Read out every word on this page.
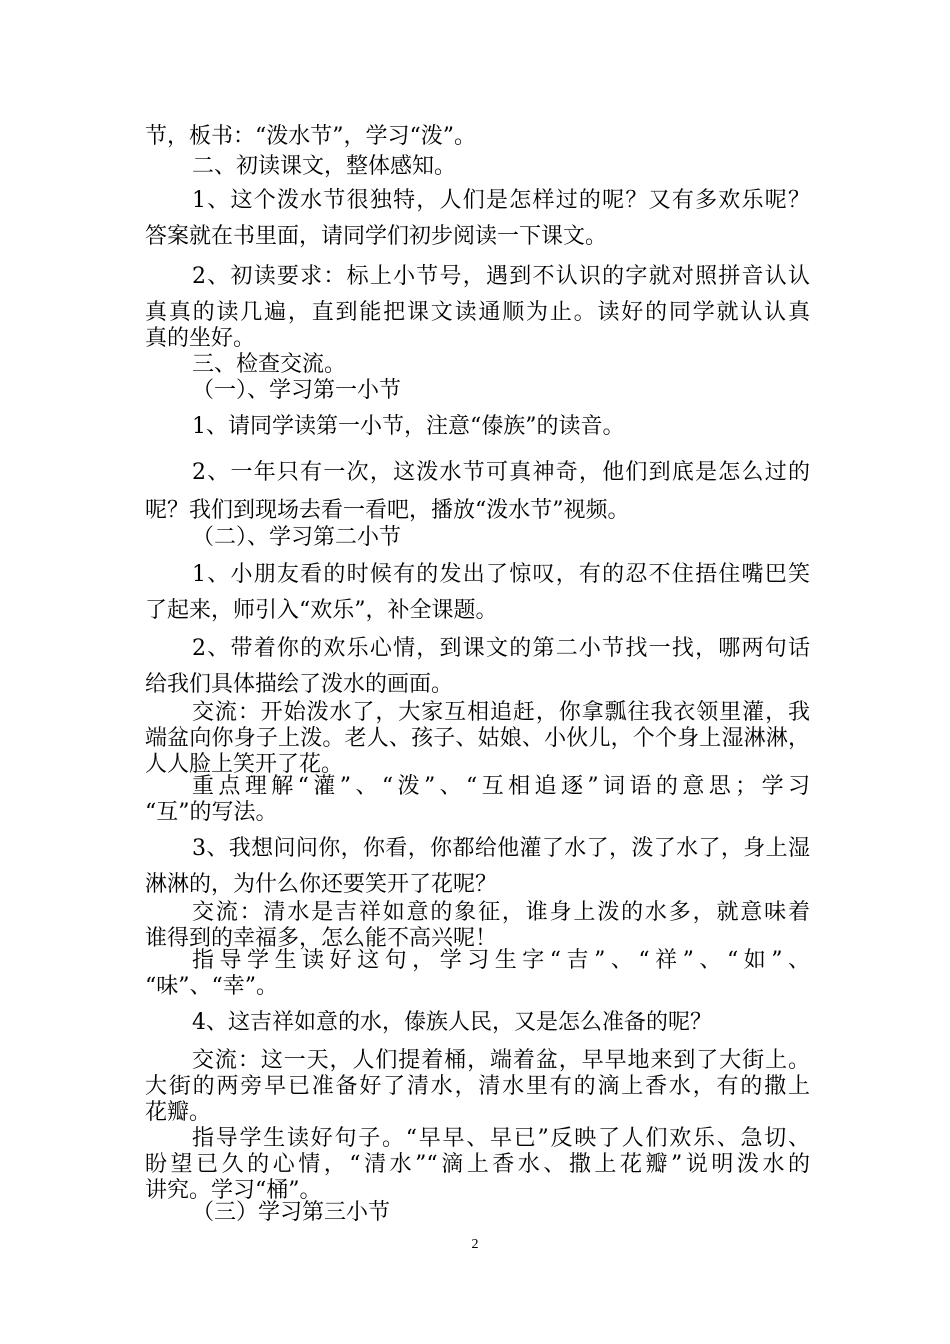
节，板书：“泼水节”，学习“泼”。
二、初读课文，整体感知。
1、这个泼水节很独特，人们是怎样过的呢？又有多欢乐呢？
答案就在书里面，请同学们初步阅读一下课文。
2、初读要求：标上小节号，遇到不认识的字就对照拼音认认
真真的读几遍，直到能把课文读通顺为止。读好的同学就认认真
真的坐好。
三、检查交流。
（一）、学习第一小节
1、请同学读第一小节，注意“傣族”的读音。
2、一年只有一次，这泼水节可真神奇，他们到底是怎么过的
呢？我们到现场去看一看吧，播放“泼水节”视频。
（二）、学习第二小节
1、小朋友看的时候有的发出了惊叹，有的忍不住捂住嘴巴笑
了起来，师引入“欢乐”，补全课题。
2、带着你的欢乐心情，到课文的第二小节找一找，哪两句话
给我们具体描绘了泼水的画面。
交流：开始泼水了，大家互相追赶，你拿瓢往我衣领里灌，我
端盆向你身子上泼。老人、孩子、姑娘、小伙儿，个个身上湿淋淋，
人人脸上笑开了花。
重点理解“灌”、“泼”、“互相追逐”词语的意思；学习
“互”的写法。
3、我想问问你，你看，你都给他灌了水了，泼了水了，身上湿
淋淋的，为什么你还要笑开了花呢？
交流：清水是吉祥如意的象征，谁身上泼的水多，就意味着
谁得到的幸福多，怎么能不高兴呢！
指导学生读好这句，学习生字“吉”、“祥”、“如”、
“味”、“幸”。
4、这吉祥如意的水，傣族人民，又是怎么准备的呢？
交流：这一天，人们提着桶，端着盆，早早地来到了大街上。
大街的两旁早已准备好了清水，清水里有的滴上香水，有的撒上
花瓣。
指导学生读好句子。“早早、早已”反映了人们欢乐、急切、
盼望已久的心情，“清水”“滴上香水、撒上花瓣”说明泼水的
讲究。学习“桶”。
（三）学习第三小节
2
